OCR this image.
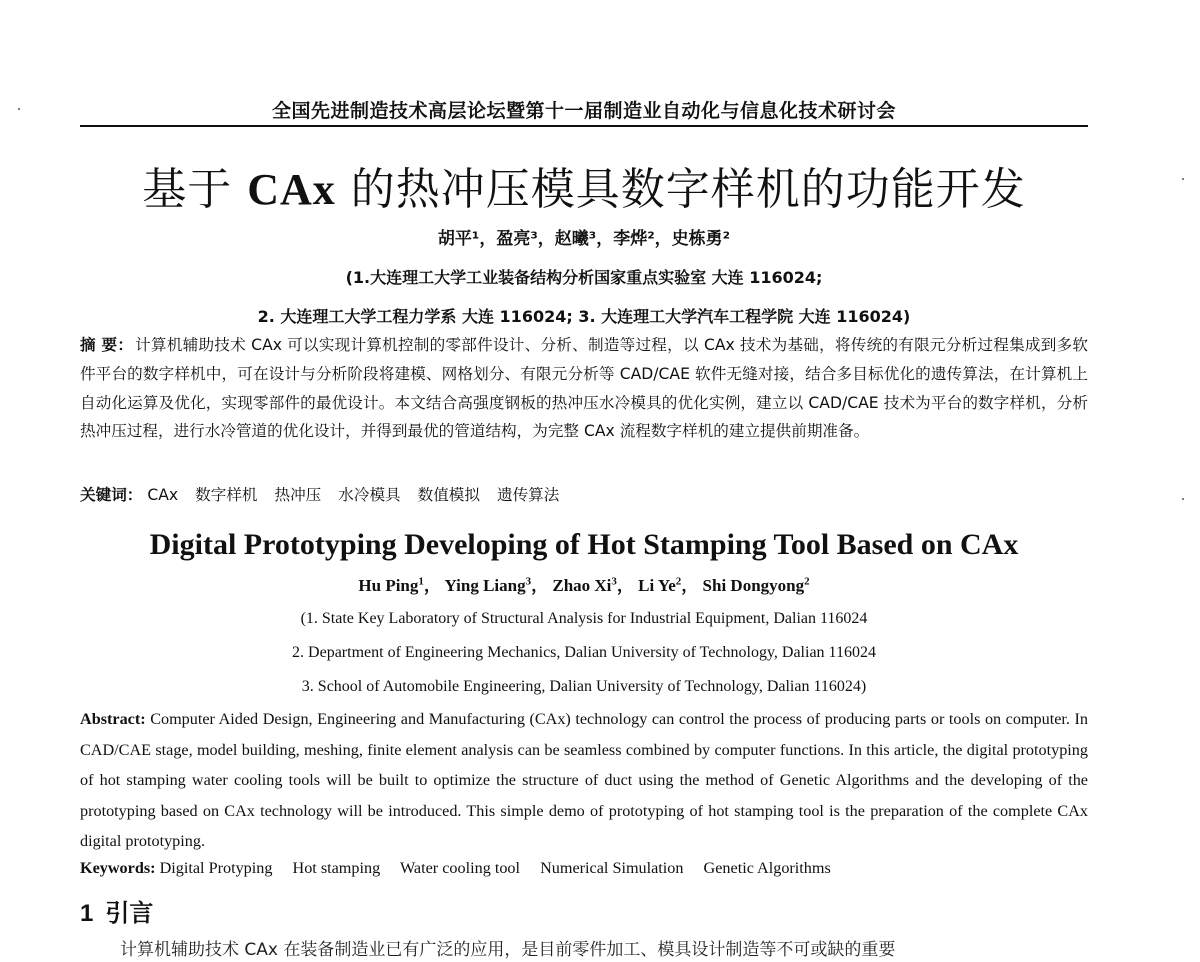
全国先进制造技术高层论坛暨第十一届制造业自动化与信息化技术研讨会
基于 CAx 的热冲压模具数字样机的功能开发
胡平¹，盈亮³，赵曦³，李烨²，史栋勇²
(1.大连理工大学工业装备结构分析国家重点实验室 大连 116024;
2. 大连理工大学工程力学系 大连 116024; 3. 大连理工大学汽车工程学院 大连 116024)
摘 要： 计算机辅助技术 CAx 可以实现计算机控制的零部件设计、分析、制造等过程，以 CAx 技术为基础，将传统的有限元分析过程集成到多软件平台的数字样机中，可在设计与分析阶段将建模、网格划分、有限元分析等 CAD/CAE 软件无缝对接，结合多目标优化的遗传算法，在计算机上自动化运算及优化，实现零部件的最优设计。本文结合高强度钢板的热冲压水冷模具的优化实例，建立以 CAD/CAE 技术为平台的数字样机，分析热冲压过程，进行水冷管道的优化设计，并得到最优的管道结构，为完整 CAx 流程数字样机的建立提供前期准备。
关键词： CAx 数字样机 热冲压 水冷模具 数值模拟 遗传算法
Digital Prototyping Developing of Hot Stamping Tool Based on CAx
Hu Ping$^1$， Ying Liang$^3$， Zhao Xi$^3$， Li Ye$^2$， Shi Dongyong$^2$
(1. State Key Laboratory of Structural Analysis for Industrial Equipment, Dalian 116024
2. Department of Engineering Mechanics, Dalian University of Technology, Dalian 116024
3. School of Automobile Engineering, Dalian University of Technology, Dalian 116024)
Abstract: Computer Aided Design, Engineering and Manufacturing (CAx) technology can control the process of producing parts or tools on computer. In CAD/CAE stage, model building, meshing, finite element analysis can be seamless combined by computer functions. In this article, the digital prototyping of hot stamping water cooling tools will be built to optimize the structure of duct using the method of Genetic Algorithms and the developing of the prototyping based on CAx technology will be introduced. This simple demo of prototyping of hot stamping tool is the preparation of the complete CAx digital prototyping.
Keywords: Digital Protyping Hot stamping Water cooling tool Numerical Simulation Genetic Algorithms
1 引言
计算机辅助技术 CAx 在装备制造业已有广泛的应用，是目前零件加工、模具设计制造等不可或缺的重要
